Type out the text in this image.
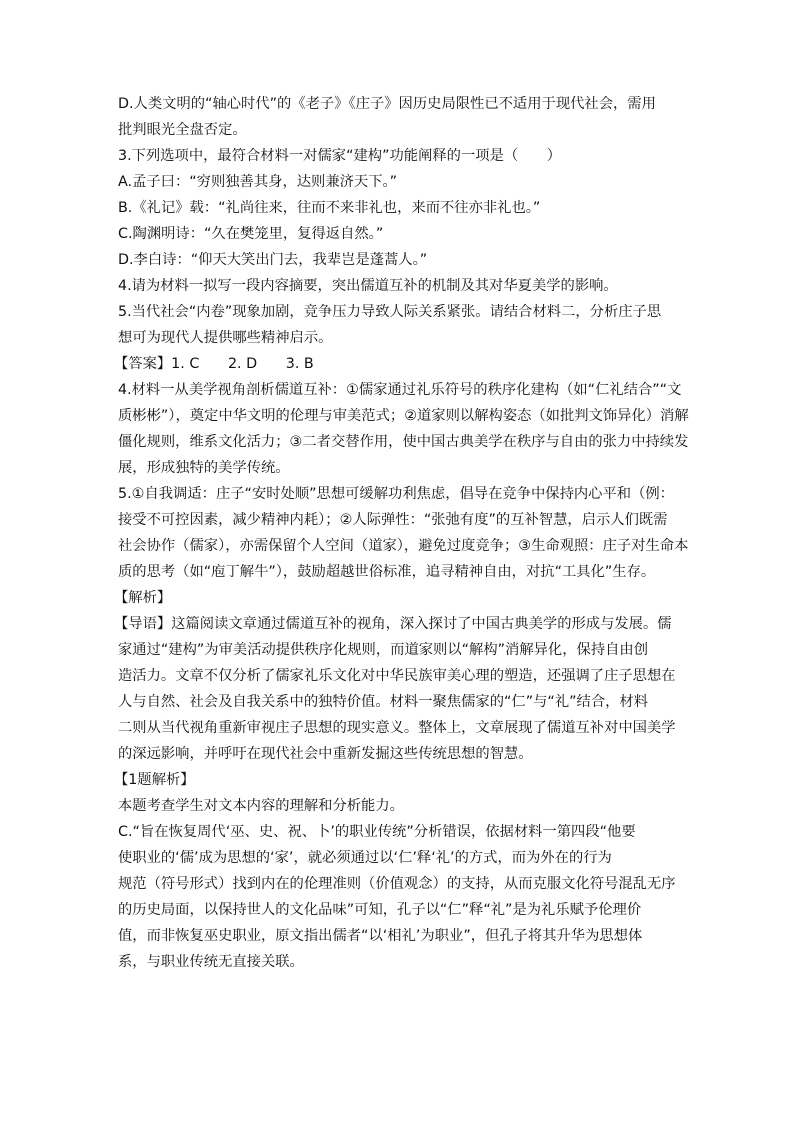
D.人类文明的“轴心时代”的《老子》《庄子》因历史局限性已不适用于现代社会，需用
批判眼光全盘否定。
3.下列选项中，最符合材料一对儒家“建构”功能阐释的一项是（　　）
A.孟子曰：“穷则独善其身，达则兼济天下。”
B.《礼记》载：“礼尚往来，往而不来非礼也，来而不往亦非礼也。”
C.陶渊明诗：“久在樊笼里，复得返自然。”
D.李白诗：“仰天大笑出门去，我辈岂是蓬蒿人。”
4.请为材料一拟写一段内容摘要，突出儒道互补的机制及其对华夏美学的影响。
5.当代社会“内卷”现象加剧，竞争压力导致人际关系紧张。请结合材料二，分析庄子思
想可为现代人提供哪些精神启示。
【答案】1. C　　2. D　　3. B
4.材料一从美学视角剖析儒道互补：①儒家通过礼乐符号的秩序化建构（如“仁礼结合”“文
质彬彬”），奠定中华文明的伦理与审美范式；②道家则以解构姿态（如批判文饰异化）消解
僵化规则，维系文化活力；③二者交替作用，使中国古典美学在秩序与自由的张力中持续发
展，形成独特的美学传统。
5.①自我调适：庄子“安时处顺”思想可缓解功利焦虑，倡导在竞争中保持内心平和（例：
接受不可控因素，减少精神内耗）；②人际弹性：“张弛有度”的互补智慧，启示人们既需
社会协作（儒家），亦需保留个人空间（道家），避免过度竞争；③生命观照：庄子对生命本
质的思考（如“庖丁解牛”），鼓励超越世俗标准，追寻精神自由，对抗“工具化”生存。
【解析】
【导语】这篇阅读文章通过儒道互补的视角，深入探讨了中国古典美学的形成与发展。儒
家通过“建构”为审美活动提供秩序化规则，而道家则以“解构”消解异化，保持自由创
造活力。文章不仅分析了儒家礼乐文化对中华民族审美心理的塑造，还强调了庄子思想在
人与自然、社会及自我关系中的独特价值。材料一聚焦儒家的“仁”与“礼”结合，材料
二则从当代视角重新审视庄子思想的现实意义。整体上，文章展现了儒道互补对中国美学
的深远影响，并呼吁在现代社会中重新发掘这些传统思想的智慧。
【1题解析】
本题考查学生对文本内容的理解和分析能力。
C.“旨在恢复周代‘巫、史、祝、卜’的职业传统”分析错误，依据材料一第四段“他要
使职业的‘儒’成为思想的‘家’，就必须通过以‘仁’释‘礼’的方式，而为外在的行为
规范（符号形式）找到内在的伦理准则（价值观念）的支持，从而克服文化符号混乱无序
的历史局面，以保持世人的文化品味”可知，孔子以“仁”释“礼”是为礼乐赋予伦理价
值，而非恢复巫史职业，原文指出儒者“以‘相礼’为职业”，但孔子将其升华为思想体
系，与职业传统无直接关联。
